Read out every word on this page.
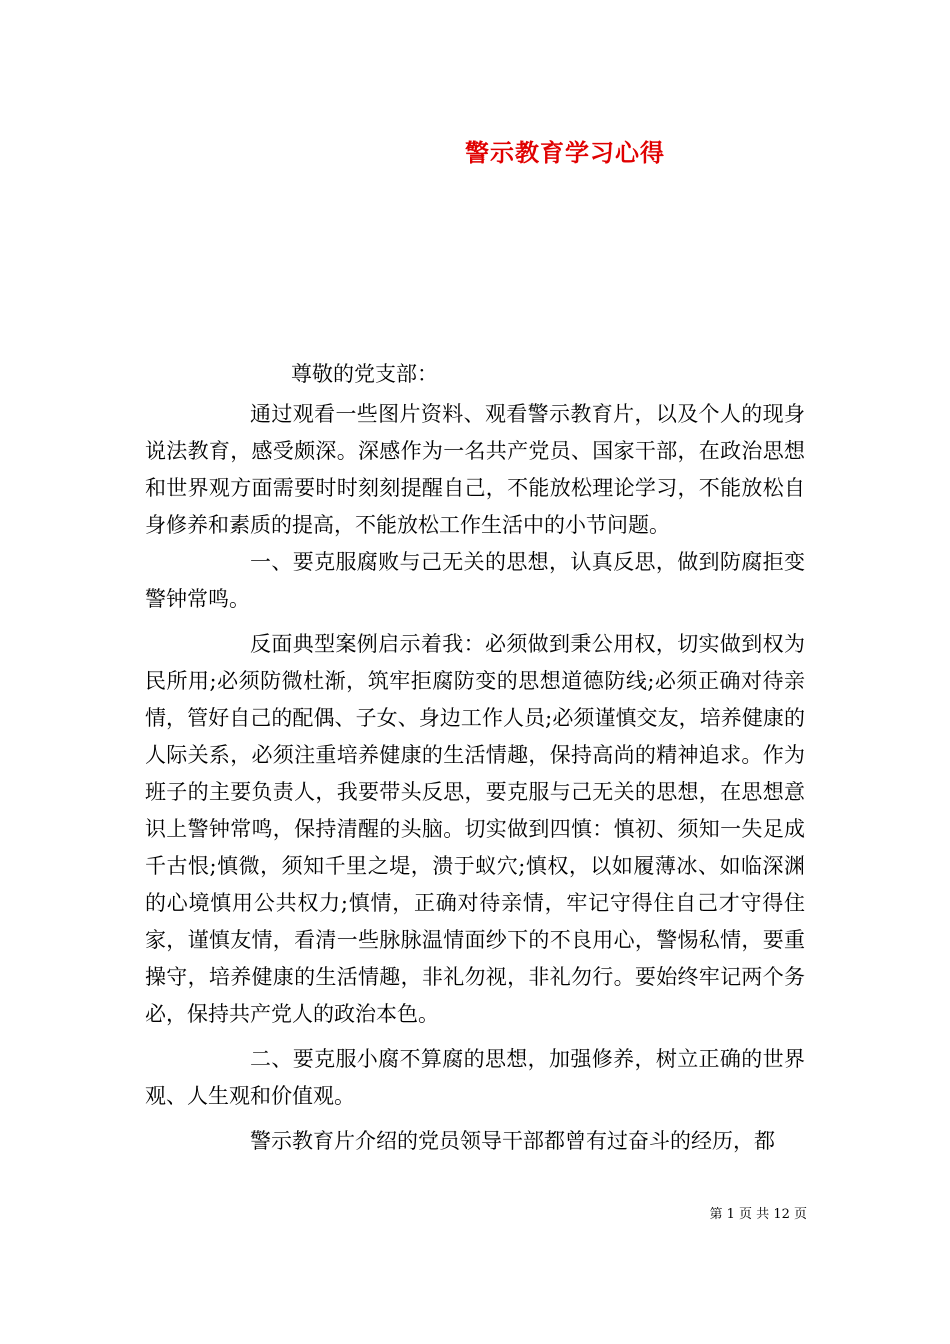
警示教育学习心得

尊敬的党支部：

通过观看一些图片资料、观看警示教育片，以及个人的现身说法教育，感受颇深。深感作为一名共产党员、国家干部，在政治思想和世界观方面需要时时刻刻提醒自己，不能放松理论学习，不能放松自身修养和素质的提高，不能放松工作生活中的小节问题。

一、要克服腐败与己无关的思想，认真反思，做到防腐拒变警钟常鸣。

反面典型案例启示着我：必须做到秉公用权，切实做到权为民所用;必须防微杜渐，筑牢拒腐防变的思想道德防线;必须正确对待亲情，管好自己的配偶、子女、身边工作人员;必须谨慎交友，培养健康的人际关系，必须注重培养健康的生活情趣，保持高尚的精神追求。作为班子的主要负责人，我要带头反思，要克服与己无关的思想，在思想意识上警钟常鸣，保持清醒的头脑。切实做到四慎：慎初、须知一失足成千古恨;慎微，须知千里之堤，溃于蚁穴;慎权，以如履薄冰、如临深渊的心境慎用公共权力;慎情，正确对待亲情，牢记守得住自己才守得住家，谨慎友情，看清一些脉脉温情面纱下的不良用心，警惕私情，要重操守，培养健康的生活情趣，非礼勿视，非礼勿行。要始终牢记两个务必，保持共产党人的政治本色。

二、要克服小腐不算腐的思想，加强修养，树立正确的世界观、人生观和价值观。

警示教育片介绍的党员领导干部都曾有过奋斗的经历，都

第 1 页 共 12 页
